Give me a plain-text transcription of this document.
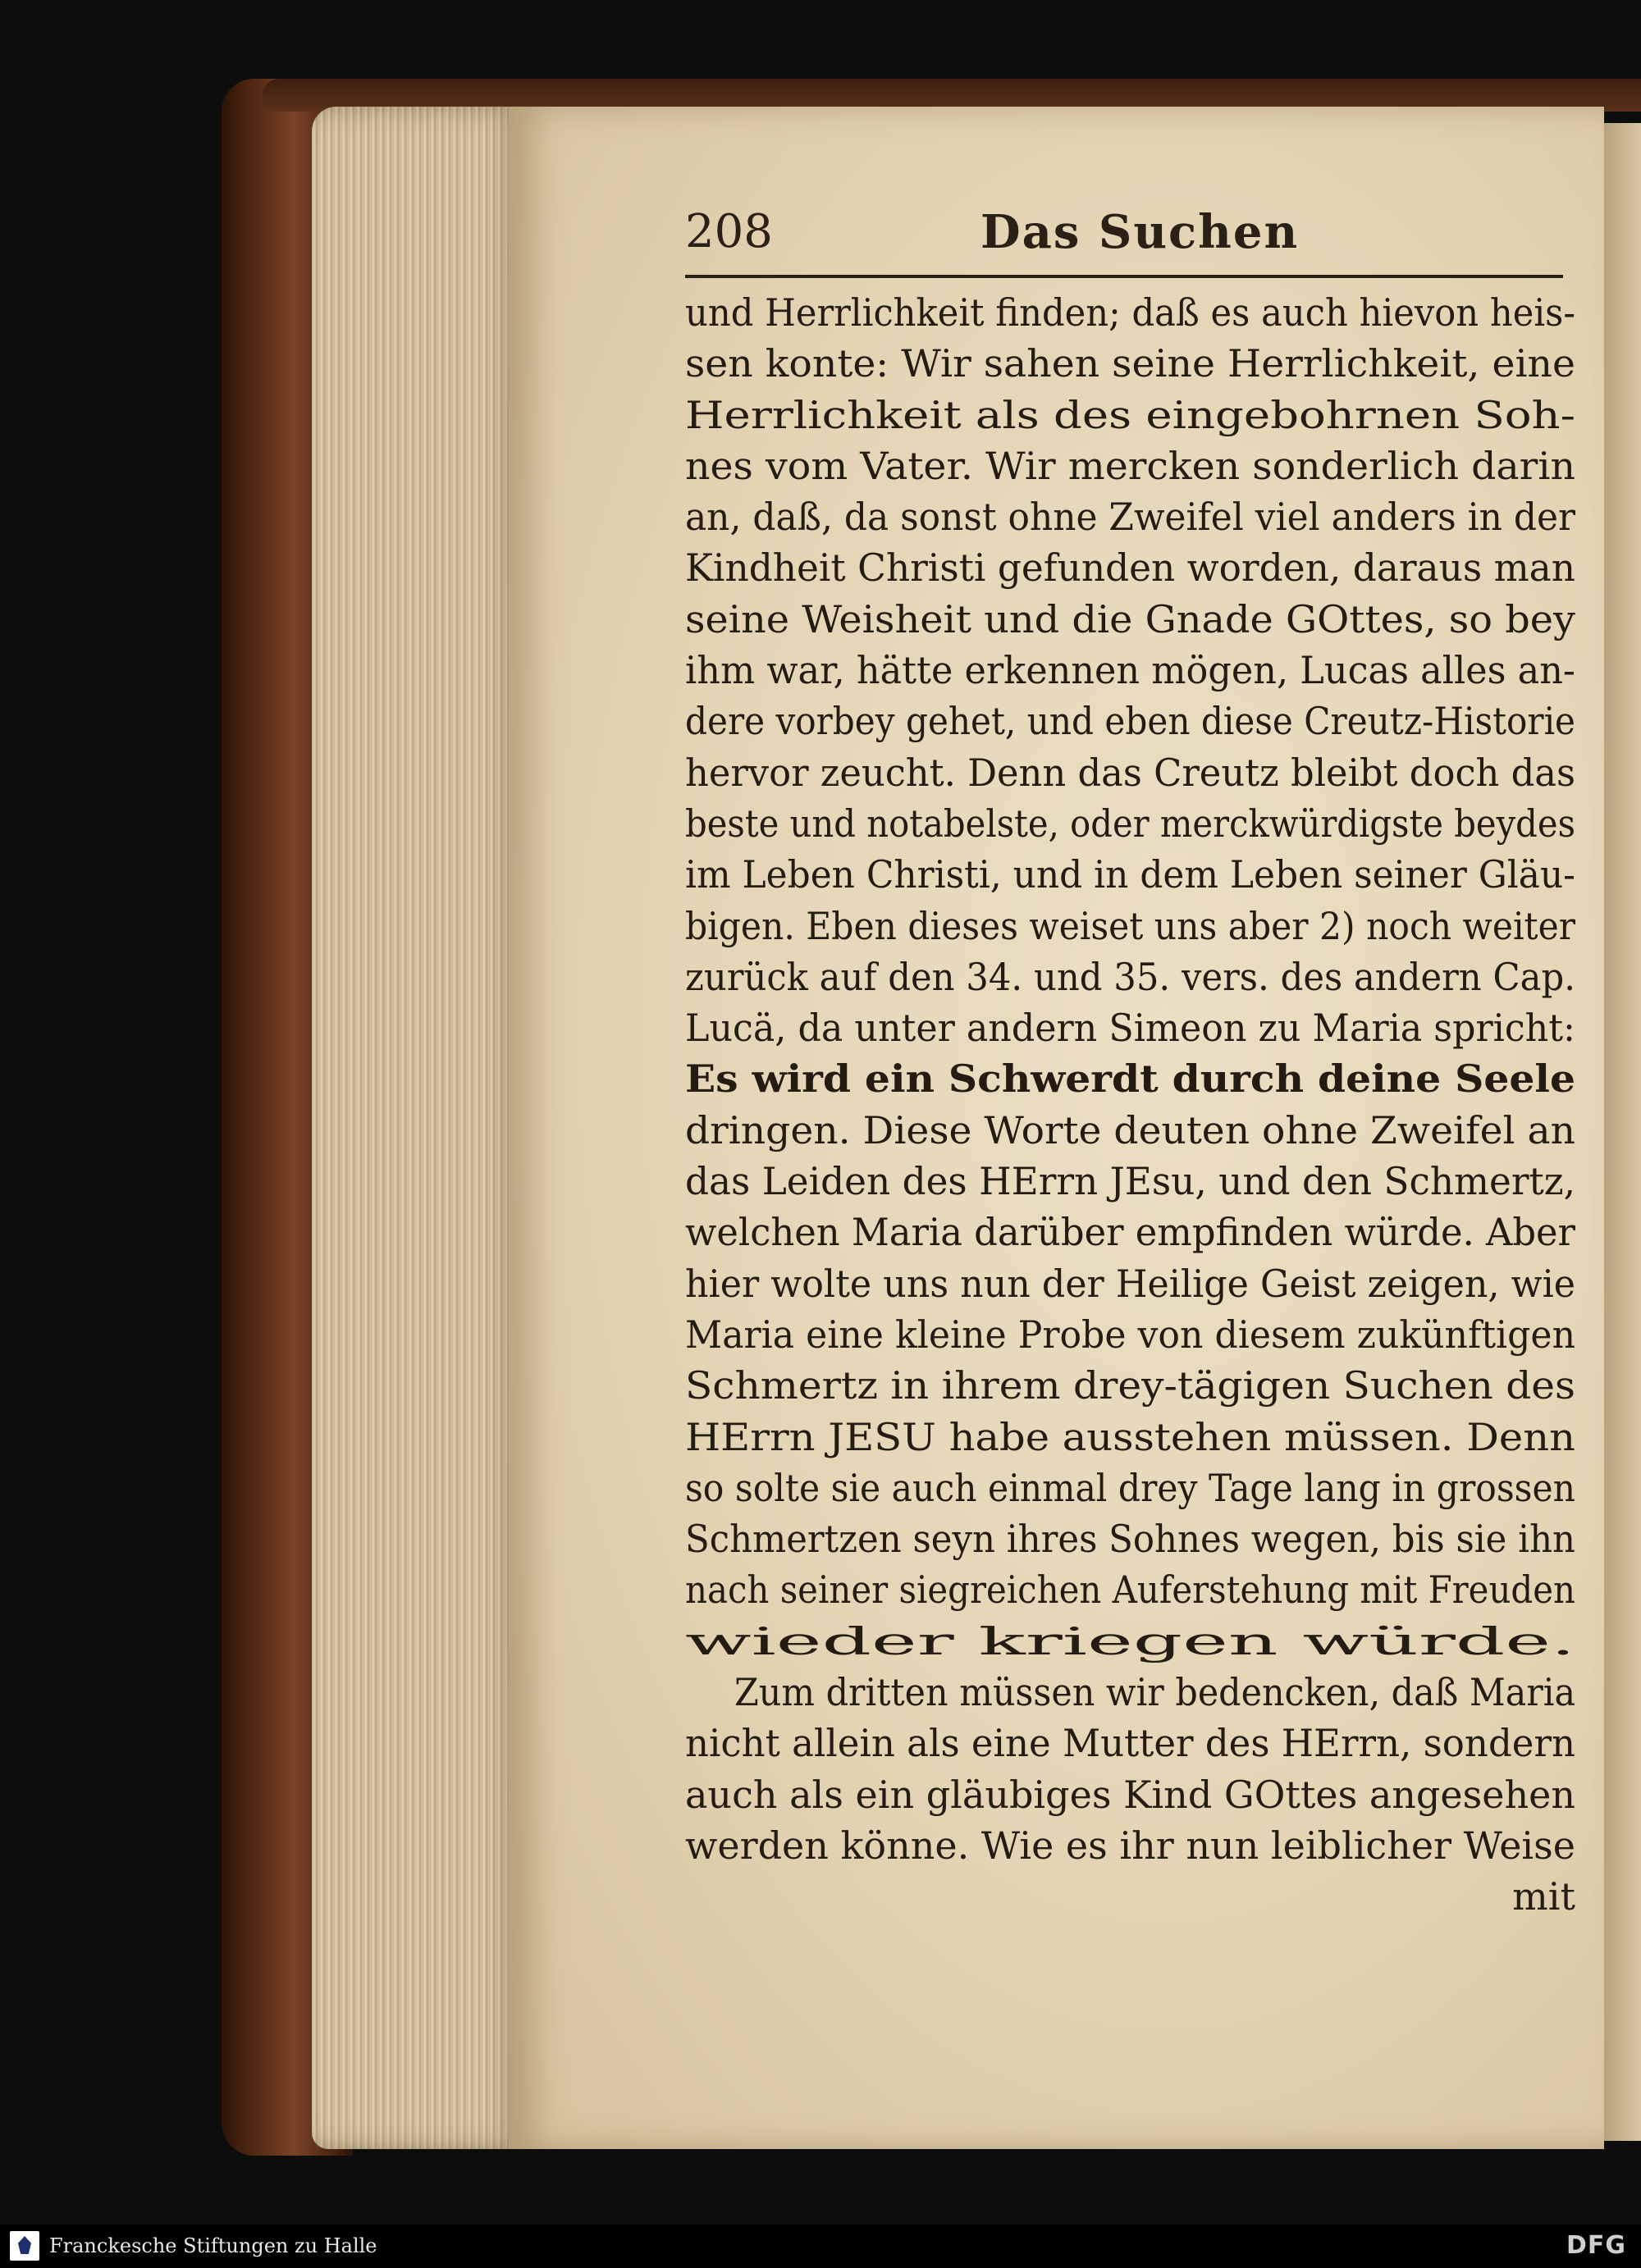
208	Das Suchen
und Herrlichkeit finden; daß es auch hievon heis-
sen konte: Wir sahen seine Herrlichkeit, eine
Herrlichkeit als des eingebohrnen Soh-
nes vom Vater. Wir mercken sonderlich darin
an, daß, da sonst ohne Zweifel viel anders in der
Kindheit Christi gefunden worden, daraus man
seine Weisheit und die Gnade GOttes, so bey
ihm war, hätte erkennen mögen, Lucas alles an-
dere vorbey gehet, und eben diese Creutz-Historie
hervor zeucht. Denn das Creutz bleibt doch das
beste und notabelste, oder merckwürdigste beydes
im Leben Christi, und in dem Leben seiner Gläu-
bigen. Eben dieses weiset uns aber 2) noch weiter
zurück auf den 34. und 35. vers. des andern Cap.
Lucä, da unter andern Simeon zu Maria spricht:
Es wird ein Schwerdt durch deine Seele
dringen. Diese Worte deuten ohne Zweifel an
das Leiden des HErrn JEsu, und den Schmertz,
welchen Maria darüber empfinden würde. Aber
hier wolte uns nun der Heilige Geist zeigen, wie
Maria eine kleine Probe von diesem zukünftigen
Schmertz in ihrem drey-tägigen Suchen des
HErrn JESU habe ausstehen müssen. Denn
so solte sie auch einmal drey Tage lang in grossen
Schmertzen seyn ihres Sohnes wegen, bis sie ihn
nach seiner siegreichen Auferstehung mit Freuden
wieder kriegen würde.
Zum dritten müssen wir bedencken, daß Maria
nicht allein als eine Mutter des HErrn, sondern
auch als ein gläubiges Kind GOttes angesehen
werden könne. Wie es ihr nun leiblicher Weise
mit
Franckesche Stiftungen zu Halle	DFG
